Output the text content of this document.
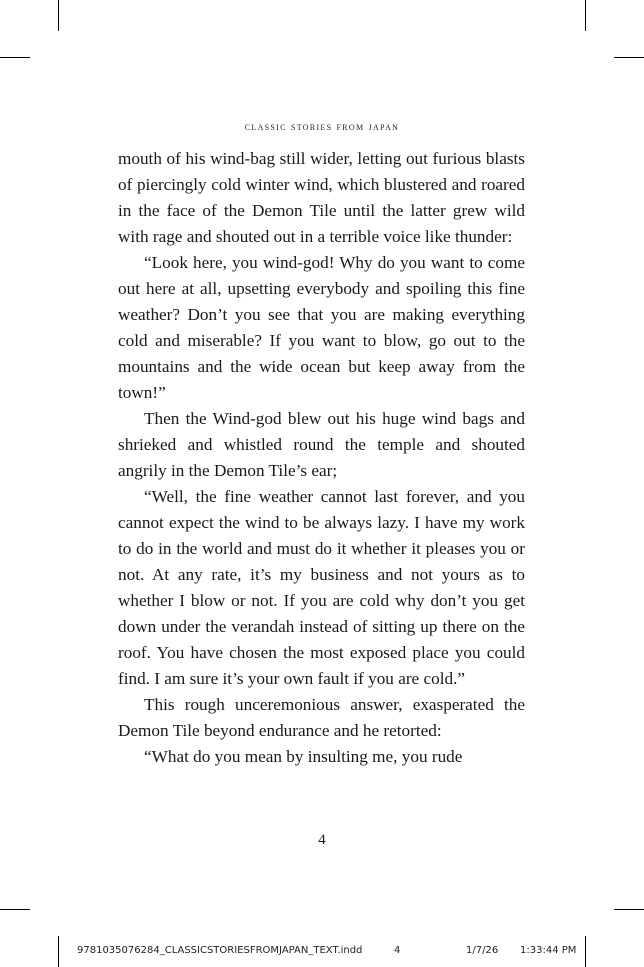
classic stories from japan

mouth of his wind-bag still wider, letting out furious blasts of piercingly cold winter wind, which blustered and roared in the face of the Demon Tile until the latter grew wild with rage and shouted out in a terrible voice like thunder:

“Look here, you wind-god! Why do you want to come out here at all, upsetting everybody and spoiling this fine weather? Don’t you see that you are making everything cold and miserable? If you want to blow, go out to the mountains and the wide ocean but keep away from the town!”

Then the Wind-god blew out his huge wind bags and shrieked and whistled round the temple and shouted angrily in the Demon Tile’s ear;

“Well, the fine weather cannot last forever, and you cannot expect the wind to be always lazy. I have my work to do in the world and must do it whether it pleases you or not. At any rate, it’s my business and not yours as to whether I blow or not. If you are cold why don’t you get down under the verandah instead of sitting up there on the roof. You have chosen the most exposed place you could find. I am sure it’s your own fault if you are cold.”

This rough unceremonious answer, exasperated the Demon Tile beyond endurance and he retorted:

“What do you mean by insulting me, you rude

4
9781035076284_CLASSICSTORIESFROMJAPAN_TEXT.indd	4	1/7/26 1:33:44 PM
